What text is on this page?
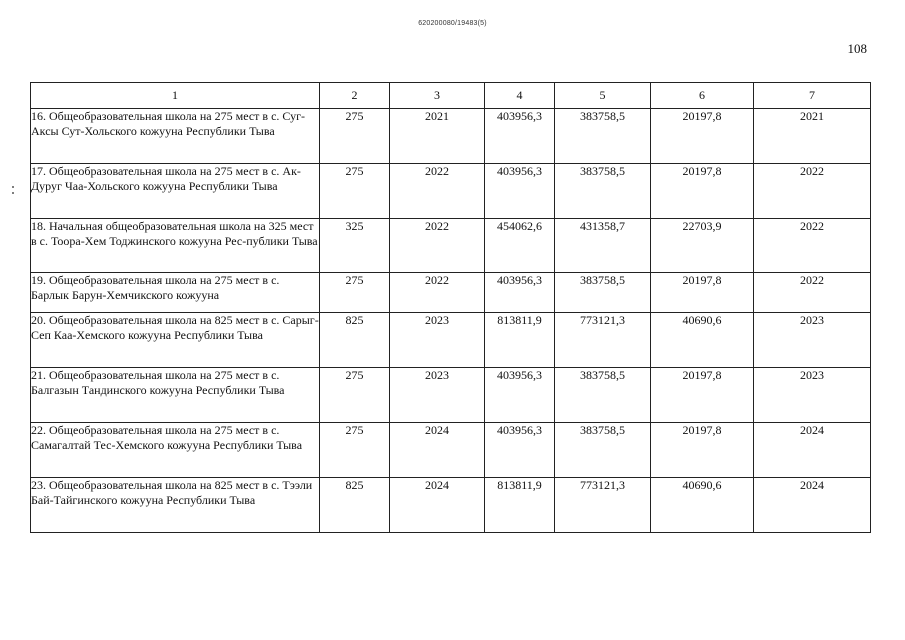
620200080/19483(5)
108
1	2	3	4	5	6	7
16. Общеобразовательная школа на 275 мест в с. Суг-Аксы Сут-Хольского кожууна Республики Тыва	275	2021	403956,3	383758,5	20197,8	2021
17. Общеобразовательная школа на 275 мест в с. Ак-Дуруг Чаа-Хольского кожууна Республики Тыва	275	2022	403956,3	383758,5	20197,8	2022
18. Начальная общеобразовательная школа на 325 мест в с. Тоора-Хем Тоджинского кожууна Рес-публики Тыва	325	2022	454062,6	431358,7	22703,9	2022
19. Общеобразовательная школа на 275 мест в с. Барлык Барун-Хемчикского кожууна	275	2022	403956,3	383758,5	20197,8	2022
20. Общеобразовательная школа на 825 мест в с. Сарыг-Сеп Каа-Хемского кожууна Республики Тыва	825	2023	813811,9	773121,3	40690,6	2023
21. Общеобразовательная школа на 275 мест в с. Балгазын Тандинского кожууна Республики Тыва	275	2023	403956,3	383758,5	20197,8	2023
22. Общеобразовательная школа на 275 мест в с. Самагалтай Тес-Хемского кожууна Республики Тыва	275	2024	403956,3	383758,5	20197,8	2024
23. Общеобразовательная школа на 825 мест в с. Тээли Бай-Тайгинского кожууна Республики Тыва	825	2024	813811,9	773121,3	40690,6	2024
